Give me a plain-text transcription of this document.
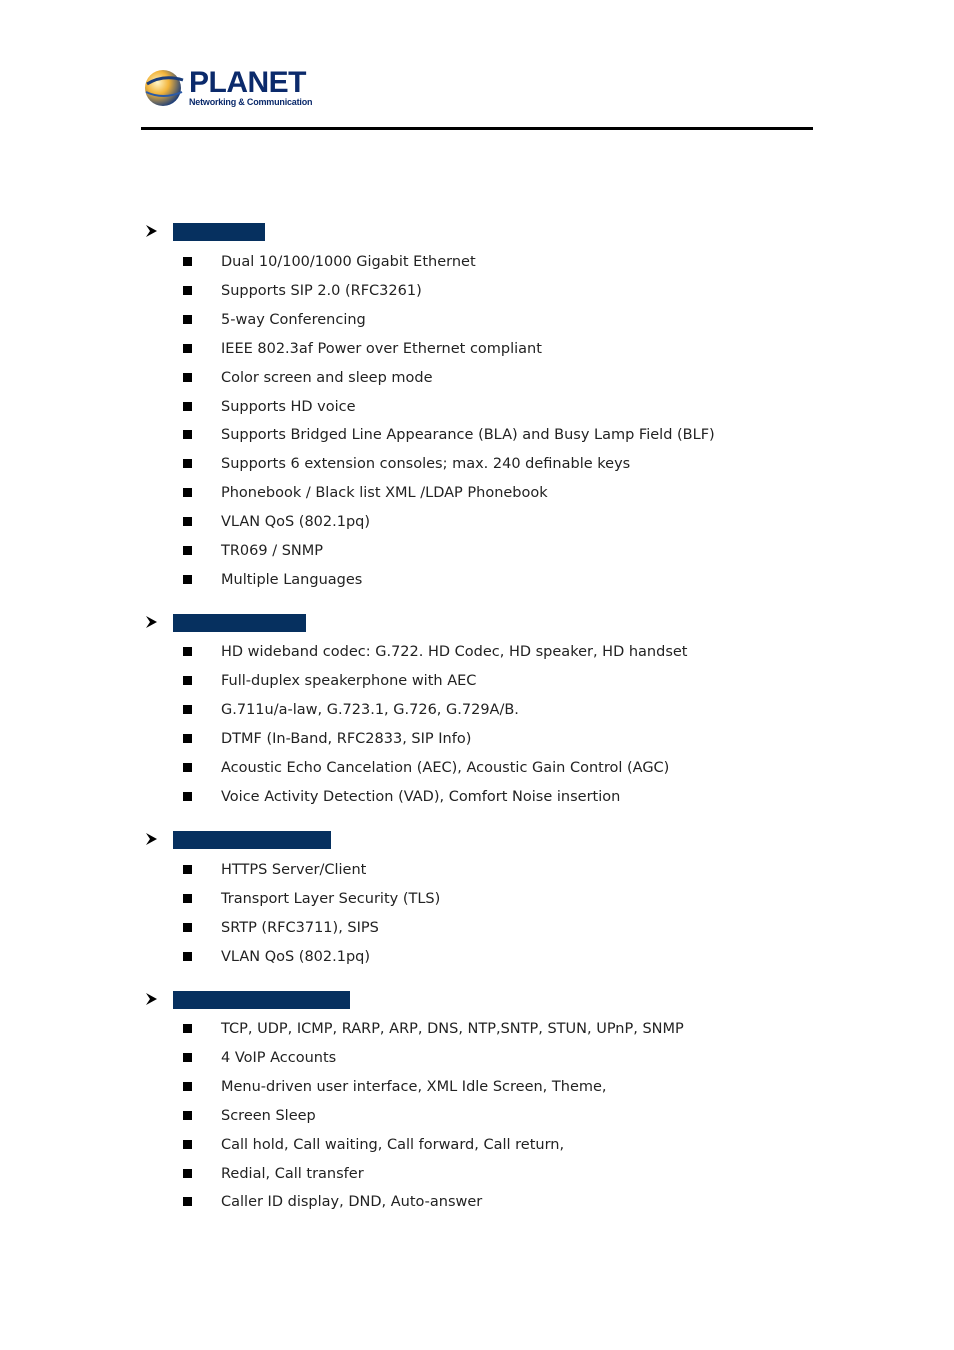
PLANET
Networking & Communication
Dual 10/100/1000 Gigabit Ethernet
Supports SIP 2.0 (RFC3261)
5-way Conferencing
IEEE 802.3af Power over Ethernet compliant
Color screen and sleep mode
Supports HD voice
Supports Bridged Line Appearance (BLA) and Busy Lamp Field (BLF)
Supports 6 extension consoles; max. 240 definable keys
Phonebook / Black list XML /LDAP Phonebook
VLAN QoS (802.1pq)
TR069 / SNMP
Multiple Languages
HD wideband codec: G.722. HD Codec, HD speaker, HD handset
Full-duplex speakerphone with AEC
G.711u/a-law, G.723.1, G.726, G.729A/B.
DTMF (In-Band, RFC2833, SIP Info)
Acoustic Echo Cancelation (AEC), Acoustic Gain Control (AGC)
Voice Activity Detection (VAD), Comfort Noise insertion
HTTPS Server/Client
Transport Layer Security (TLS)
SRTP (RFC3711), SIPS
VLAN QoS (802.1pq)
TCP, UDP, ICMP, RARP, ARP, DNS, NTP,SNTP, STUN, UPnP, SNMP
4 VoIP Accounts
Menu-driven user interface, XML Idle Screen, Theme,
Screen Sleep
Call hold, Call waiting, Call forward, Call return,
Redial, Call transfer
Caller ID display, DND, Auto-answer
